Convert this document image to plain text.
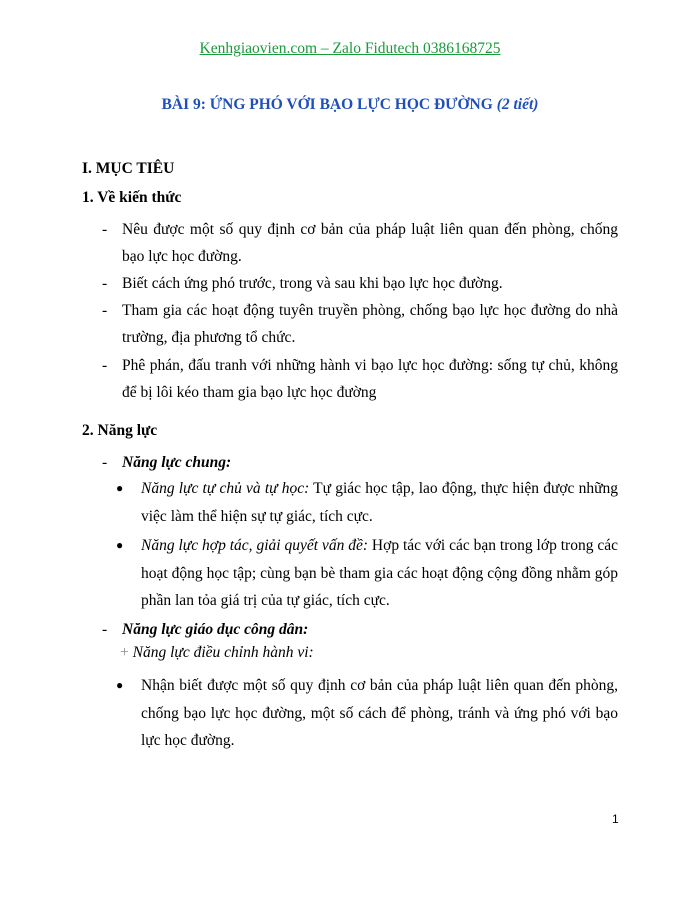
Kenhgiaovien.com – Zalo Fidutech 0386168725
BÀI 9: ỨNG PHÓ VỚI BẠO LỰC HỌC ĐƯỜNG (2 tiết)
I. MỤC TIÊU
1. Về kiến thức
- Nêu được một số quy định cơ bản của pháp luật liên quan đến phòng, chống bạo lực học đường.
- Biết cách ứng phó trước, trong và sau khi bạo lực học đường.
- Tham gia các hoạt động tuyên truyền phòng, chống bạo lực học đường do nhà trường, địa phương tổ chức.
- Phê phán, đấu tranh với những hành vi bạo lực học đường: sống tự chủ, không để bị lôi kéo tham gia bạo lực học đường
2. Năng lực
- Năng lực chung:
● Năng lực tự chủ và tự học: Tự giác học tập, lao động, thực hiện được những việc làm thể hiện sự tự giác, tích cực.
● Năng lực hợp tác, giải quyết vấn đề: Hợp tác với các bạn trong lớp trong các hoạt động học tập; cùng bạn bè tham gia các hoạt động cộng đồng nhằm góp phần lan tỏa giá trị của tự giác, tích cực.
- Năng lực giáo dục công dân:
+ Năng lực điều chỉnh hành vi:
● Nhận biết được một số quy định cơ bản của pháp luật liên quan đến phòng, chống bạo lực học đường, một số cách để phòng, tránh và ứng phó với bạo lực học đường.
1
